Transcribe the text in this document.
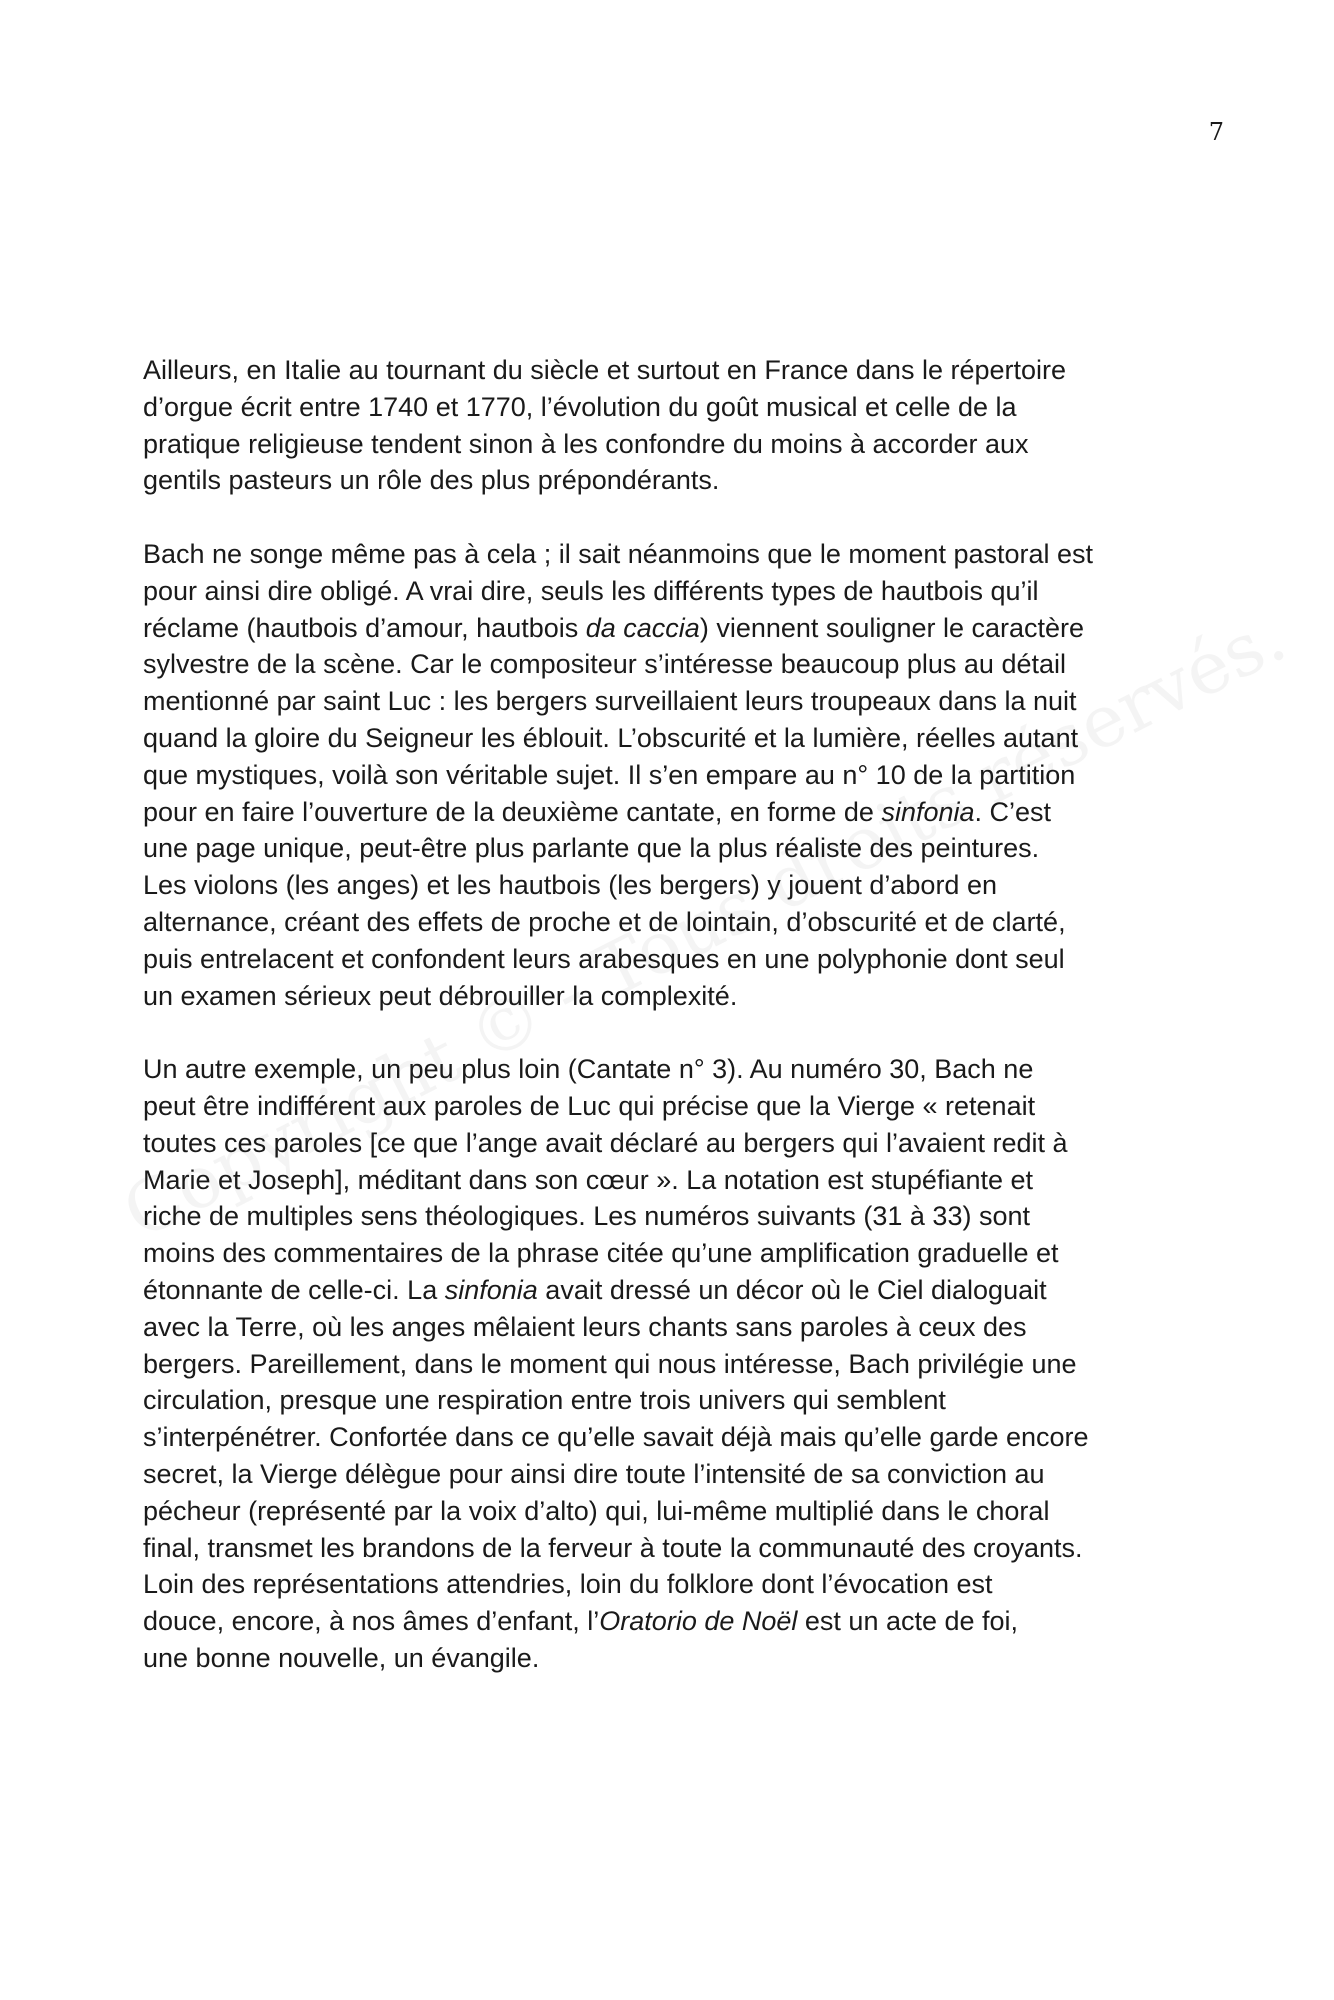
7

Ailleurs, en Italie au tournant du siècle et surtout en France dans le répertoire
d’orgue écrit entre 1740 et 1770, l’évolution du goût musical et celle de la
pratique religieuse tendent sinon à les confondre du moins à accorder aux
gentils pasteurs un rôle des plus prépondérants.

Bach ne songe même pas à cela ; il sait néanmoins que le moment pastoral est
pour ainsi dire obligé. A vrai dire, seuls les différents types de hautbois qu’il
réclame (hautbois d’amour, hautbois da caccia) viennent souligner le caractère
sylvestre de la scène. Car le compositeur s’intéresse beaucoup plus au détail
mentionné par saint Luc : les bergers surveillaient leurs troupeaux dans la nuit
quand la gloire du Seigneur les éblouit. L’obscurité et la lumière, réelles autant
que mystiques, voilà son véritable sujet. Il s’en empare au n° 10 de la partition
pour en faire l’ouverture de la deuxième cantate, en forme de sinfonia. C’est
une page unique, peut-être plus parlante que la plus réaliste des peintures.
Les violons (les anges) et les hautbois (les bergers) y jouent d’abord en
alternance, créant des effets de proche et de lointain, d’obscurité et de clarté,
puis entrelacent et confondent leurs arabesques en une polyphonie dont seul
un examen sérieux peut débrouiller la complexité.

Un autre exemple, un peu plus loin (Cantate n° 3). Au numéro 30, Bach ne
peut être indifférent aux paroles de Luc qui précise que la Vierge « retenait
toutes ces paroles [ce que l’ange avait déclaré au bergers qui l’avaient redit à
Marie et Joseph], méditant dans son cœur ». La notation est stupéfiante et
riche de multiples sens théologiques. Les numéros suivants (31 à 33) sont
moins des commentaires de la phrase citée qu’une amplification graduelle et
étonnante de celle-ci. La sinfonia avait dressé un décor où le Ciel dialoguait
avec la Terre, où les anges mêlaient leurs chants sans paroles à ceux des
bergers. Pareillement, dans le moment qui nous intéresse, Bach privilégie une
circulation, presque une respiration entre trois univers qui semblent
s’interpénétrer. Confortée dans ce qu’elle savait déjà mais qu’elle garde encore
secret, la Vierge délègue pour ainsi dire toute l’intensité de sa conviction au
pécheur (représenté par la voix d’alto) qui, lui-même multiplié dans le choral
final, transmet les brandons de la ferveur à toute la communauté des croyants.
Loin des représentations attendries, loin du folklore dont l’évocation est
douce, encore, à nos âmes d’enfant, l’Oratorio de Noël est un acte de foi,
une bonne nouvelle, un évangile.
